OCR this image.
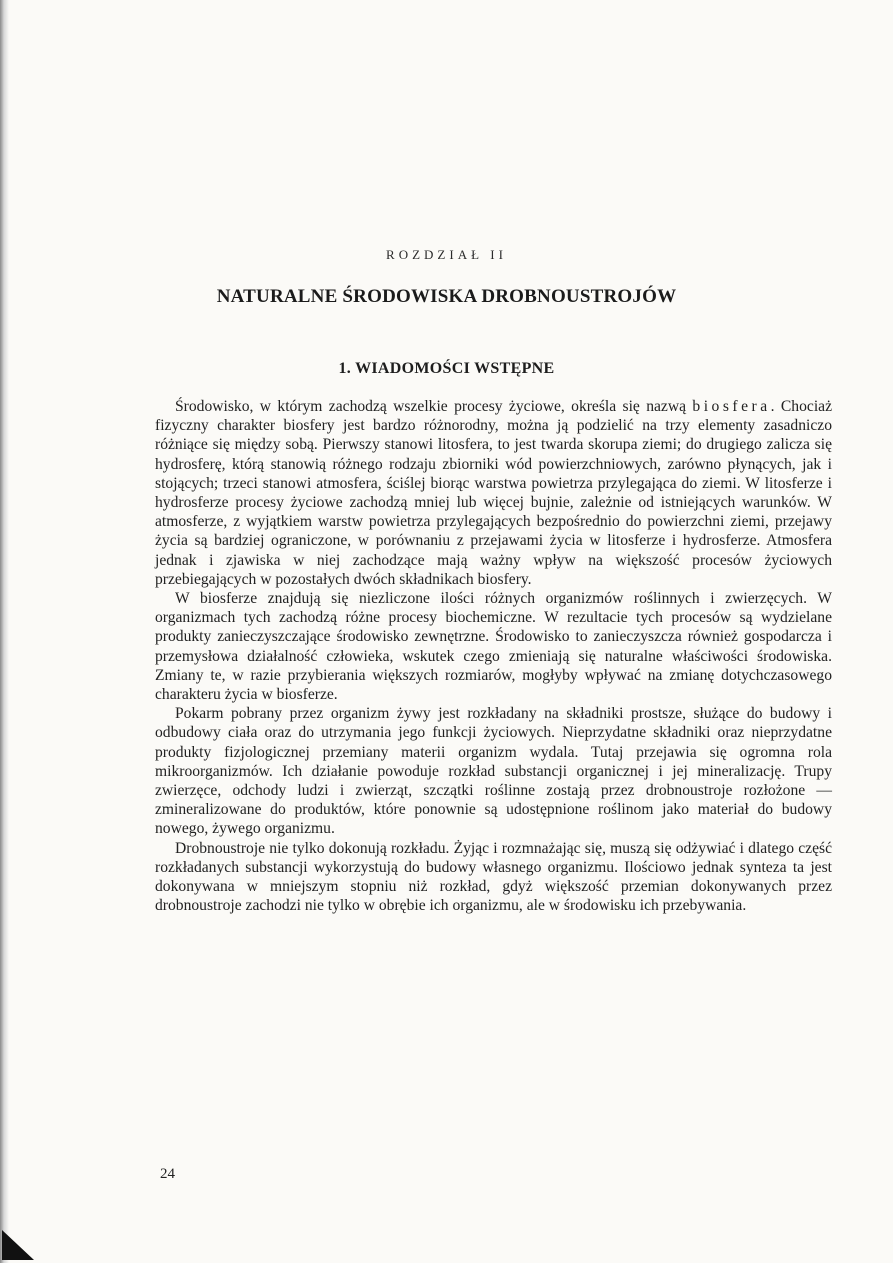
ROZDZIAŁ II
NATURALNE ŚRODOWISKA DROBNOUSTROJÓW
1. WIADOMOŚCI WSTĘPNE

Środowisko, w którym zachodzą wszelkie procesy życiowe, określa się nazwą biosfera. Chociaż fizyczny charakter biosfery jest bardzo różnorodny, można ją podzielić na trzy elementy zasadniczo różniące się między sobą. Pierwszy stanowi litosfera, to jest twarda skorupa ziemi; do drugiego zalicza się hydrosferę, którą stanowią różnego rodzaju zbiorniki wód powierzchniowych, zarówno płynących, jak i stojących; trzeci stanowi atmosfera, ściślej biorąc warstwa powietrza przylegająca do ziemi. W litosferze i hydrosferze procesy życiowe zachodzą mniej lub więcej bujnie, zależnie od istniejących warunków. W atmosferze, z wyjątkiem warstw powietrza przylegających bezpośrednio do powierzchni ziemi, przejawy życia są bardziej ograniczone, w porównaniu z przejawami życia w litosferze i hydrosferze. Atmosfera jednak i zjawiska w niej zachodzące mają ważny wpływ na większość procesów życiowych przebiegających w pozostałych dwóch składnikach biosfery.

W biosferze znajdują się niezliczone ilości różnych organizmów roślinnych i zwierzęcych. W organizmach tych zachodzą różne procesy biochemiczne. W rezultacie tych procesów są wydzielane produkty zanieczyszczające środowisko zewnętrzne. Środowisko to zanieczyszcza również gospodarcza i przemysłowa działalność człowieka, wskutek czego zmieniają się naturalne właściwości środowiska. Zmiany te, w razie przybierania większych rozmiarów, mogłyby wpływać na zmianę dotychczasowego charakteru życia w biosferze.

Pokarm pobrany przez organizm żywy jest rozkładany na składniki prostsze, służące do budowy i odbudowy ciała oraz do utrzymania jego funkcji życiowych. Nieprzydatne składniki oraz nieprzydatne produkty fizjologicznej przemiany materii organizm wydala. Tutaj przejawia się ogromna rola mikroorganizmów. Ich działanie powoduje rozkład substancji organicznej i jej mineralizację. Trupy zwierzęce, odchody ludzi i zwierząt, szczątki roślinne zostają przez drobnoustroje rozłożone — zmineralizowane do produktów, które ponownie są udostępnione roślinom jako materiał do budowy nowego, żywego organizmu.

Drobnoustroje nie tylko dokonują rozkładu. Żyjąc i rozmnażając się, muszą się odżywiać i dlatego część rozkładanych substancji wykorzystują do budowy własnego organizmu. Ilościowo jednak synteza ta jest dokonywana w mniejszym stopniu niż rozkład, gdyż większość przemian dokonywanych przez drobnoustroje zachodzi nie tylko w obrębie ich organizmu, ale w środowisku ich przebywania.

24
